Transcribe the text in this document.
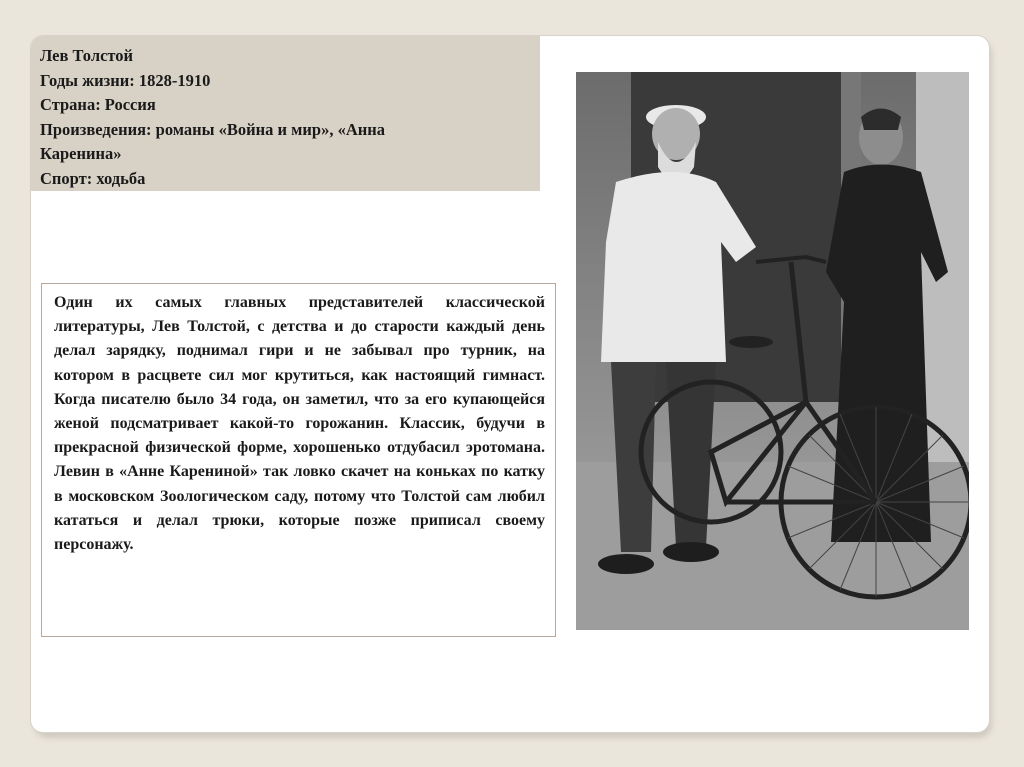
Лев Толстой
Годы жизни: 1828-1910
Страна: Россия
Произведения: романы «Война и мир», «Анна
Каренина»
Спорт: ходьба
Один их самых главных представителей классической литературы, Лев Толстой, с детства и до старости каждый день делал зарядку, поднимал гири и не забывал про турник, на котором в расцвете сил мог крутиться, как настоящий гимнаст. Когда писателю было 34 года, он заметил, что за его купающейся женой подсматривает какой-то горожанин. Классик, будучи в прекрасной физической форме, хорошенько отдубасил эротомана. Левин в «Анне Карениной» так ловко скачет на коньках по катку в московском Зоологическом саду, потому что Толстой сам любил кататься и делал трюки, которые позже приписал своему персонажу.
